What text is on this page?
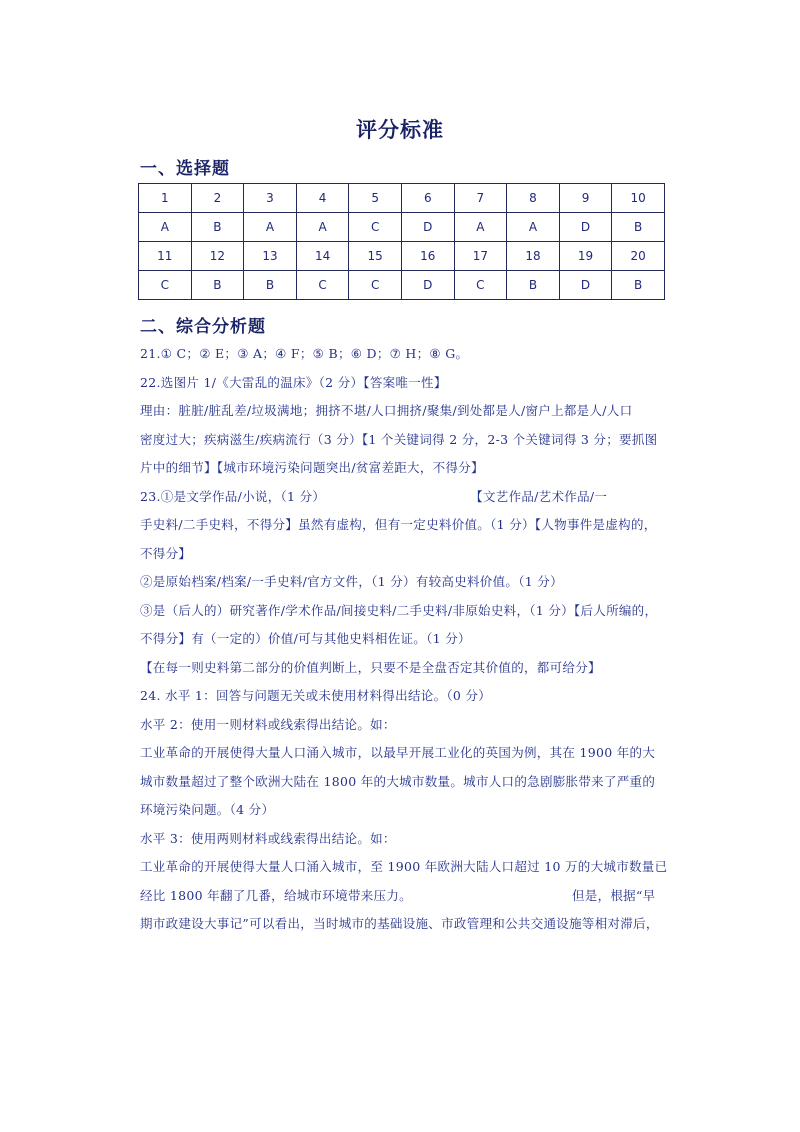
评分标准
一、选择题
1	2	3	4	5	6	7	8	9	10
A	B	A	A	C	D	A	A	D	B
11	12	13	14	15	16	17	18	19	20
C	B	B	C	C	D	C	B	D	B
二、综合分析题
21.① C；② E；③ A；④ F；⑤ B；⑥ D；⑦ H；⑧ G。
22.选图片 1/《大雷乱的温床》（2 分）【答案唯一性】
理由：脏脏/脏乱差/垃圾满地；拥挤不堪/人口拥挤/聚集/到处都是人/窗户上都是人/人口
密度过大；疾病滋生/疾病流行（3 分）【1 个关键词得 2 分，2-3 个关键词得 3 分；要抓图
片中的细节】【城市环境污染问题突出/贫富差距大，不得分】
23.①是文学作品/小说，（1 分）	【文艺作品/艺术作品/一
手史料/二手史料，不得分】虽然有虚构，但有一定史料价值。（1 分）【人物事件是虚构的，
不得分】
②是原始档案/档案/一手史料/官方文件，（1 分）有较高史料价值。（1 分）
③是（后人的）研究著作/学术作品/间接史料/二手史料/非原始史料，（1 分）【后人所编的，
不得分】有（一定的）价值/可与其他史料相佐证。（1 分）
【在每一则史料第二部分的价值判断上，只要不是全盘否定其价值的，都可给分】
24. 水平 1：回答与问题无关或未使用材料得出结论。（0 分）
水平 2：使用一则材料或线索得出结论。如：
工业革命的开展使得大量人口涌入城市，以最早开展工业化的英国为例，其在 1900 年的大
城市数量超过了整个欧洲大陆在 1800 年的大城市数量。城市人口的急剧膨胀带来了严重的
环境污染问题。（4 分）
水平 3：使用两则材料或线索得出结论。如：
工业革命的开展使得大量人口涌入城市，至 1900 年欧洲大陆人口超过 10 万的大城市数量已
经比 1800 年翻了几番，给城市环境带来压力。	但是，根据“早
期市政建设大事记”可以看出，当时城市的基础设施、市政管理和公共交通设施等相对滞后，
